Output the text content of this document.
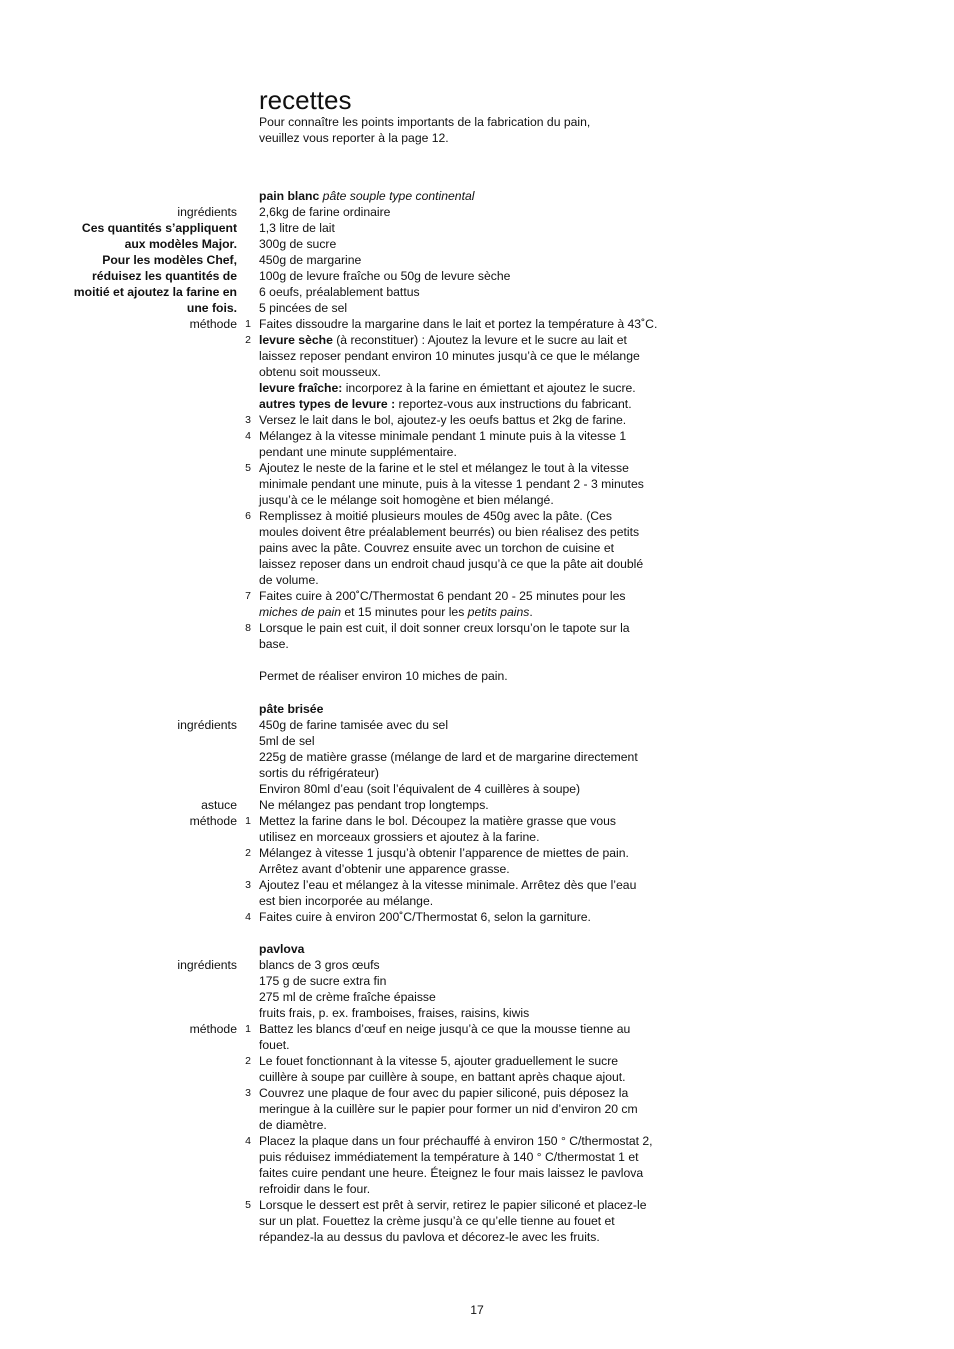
recettes
Pour connaître les points importants de la fabrication du pain,
veuillez vous reporter à la page 12.
pain blanc pâte souple type continental
ingrédients 2,6kg de farine ordinaire
Ces quantités s’appliquent 1,3 litre de lait
aux modèles Major. 300g de sucre
Pour les modèles Chef, 450g de margarine
réduisez les quantités de 100g de levure fraîche ou 50g de levure sèche
moitié et ajoutez la farine en 6 oeufs, préalablement battus
une fois. 5 pincées de sel
méthode 1 Faites dissoudre la margarine dans le lait et portez la température à 43˚C.
2 levure sèche (à reconstituer) : Ajoutez la levure et le sucre au lait et
laissez reposer pendant environ 10 minutes jusqu’à ce que le mélange
obtenu soit mousseux.
levure fraîche: incorporez à la farine en émiettant et ajoutez le sucre.
autres types de levure : reportez-vous aux instructions du fabricant.
3 Versez le lait dans le bol, ajoutez-y les oeufs battus et 2kg de farine.
4 Mélangez à la vitesse minimale pendant 1 minute puis à la vitesse 1
pendant une minute supplémentaire.
5 Ajoutez le neste de la farine et le stel et mélangez le tout à la vitesse
minimale pendant une minute, puis à la vitesse 1 pendant 2 - 3 minutes
jusqu’à ce le mélange soit homogène et bien mélangé.
6 Remplissez à moitié plusieurs moules de 450g avec la pâte. (Ces
moules doivent être préalablement beurrés) ou bien réalisez des petits
pains avec la pâte. Couvrez ensuite avec un torchon de cuisine et
laissez reposer dans un endroit chaud jusqu’à ce que la pâte ait doublé
de volume.
7 Faites cuire à 200˚C/Thermostat 6 pendant 20 - 25 minutes pour les
miches de pain et 15 minutes pour les petits pains.
8 Lorsque le pain est cuit, il doit sonner creux lorsqu’on le tapote sur la
base.
Permet de réaliser environ 10 miches de pain.
pâte brisée
ingrédients 450g de farine tamisée avec du sel
5ml de sel
225g de matière grasse (mélange de lard et de margarine directement
sortis du réfrigérateur)
Environ 80ml d’eau (soit l’équivalent de 4 cuillères à soupe)
astuce Ne mélangez pas pendant trop longtemps.
méthode 1 Mettez la farine dans le bol. Découpez la matière grasse que vous
utilisez en morceaux grossiers et ajoutez à la farine.
2 Mélangez à vitesse 1 jusqu’à obtenir l’apparence de miettes de pain.
Arrêtez avant d’obtenir une apparence grasse.
3 Ajoutez l’eau et mélangez à la vitesse minimale. Arrêtez dès que l’eau
est bien incorporée au mélange.
4 Faites cuire à environ 200˚C/Thermostat 6, selon la garniture.
pavlova
ingrédients blancs de 3 gros œufs
175 g de sucre extra fin
275 ml de crème fraîche épaisse
fruits frais, p. ex. framboises, fraises, raisins, kiwis
méthode 1 Battez les blancs d’œuf en neige jusqu’à ce que la mousse tienne au
fouet.
2 Le fouet fonctionnant à la vitesse 5, ajouter graduellement le sucre
cuillère à soupe par cuillère à soupe, en battant après chaque ajout.
3 Couvrez une plaque de four avec du papier siliconé, puis déposez la
meringue à la cuillère sur le papier pour former un nid d’environ 20 cm
de diamètre.
4 Placez la plaque dans un four préchauffé à environ 150 ° C/thermostat 2,
puis réduisez immédiatement la température à 140 ° C/thermostat 1 et
faites cuire pendant une heure. Éteignez le four mais laissez le pavlova
refroidir dans le four.
5 Lorsque le dessert est prêt à servir, retirez le papier siliconé et placez-le
sur un plat. Fouettez la crème jusqu’à ce qu’elle tienne au fouet et
répandez-la au dessus du pavlova et décorez-le avec les fruits.
17
